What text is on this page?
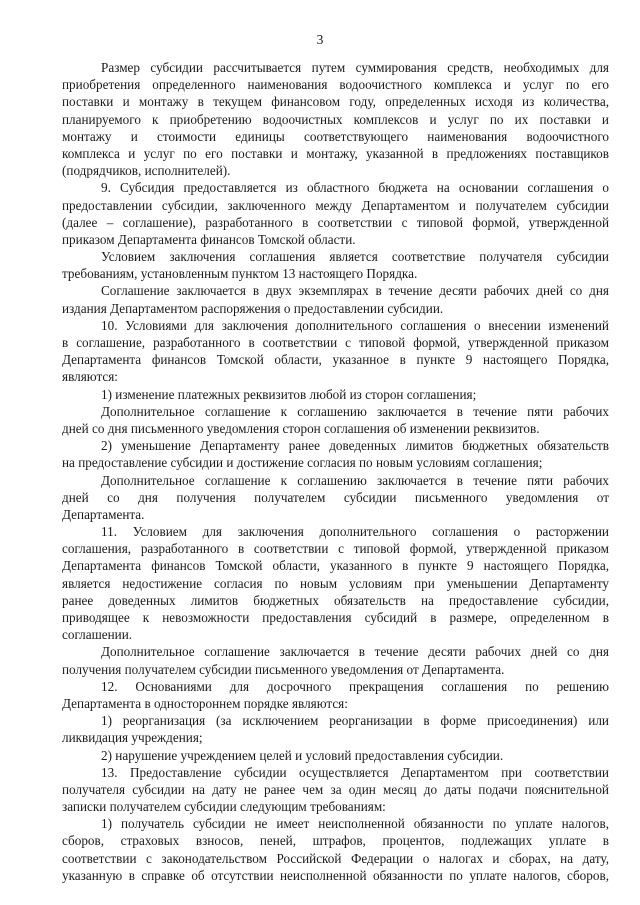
3
Размер субсидии рассчитывается путем суммирования средств, необходимых для
приобретения определенного наименования водоочистного комплекса и услуг по его
поставки и монтажу в текущем финансовом году, определенных исходя из количества,
планируемого к приобретению водоочистных комплексов и услуг по их поставки и
монтажу и стоимости единицы соответствующего наименования водоочистного
комплекса и услуг по его поставки и монтажу, указанной в предложениях поставщиков
(подрядчиков, исполнителей).
9. Субсидия предоставляется из областного бюджета на основании соглашения о
предоставлении субсидии, заключенного между Департаментом и получателем субсидии
(далее – соглашение), разработанного в соответствии с типовой формой, утвержденной
приказом Департамента финансов Томской области.
Условием заключения соглашения является соответствие получателя субсидии
требованиям, установленным пунктом 13 настоящего Порядка.
Соглашение заключается в двух экземплярах в течение десяти рабочих дней со дня
издания Департаментом распоряжения о предоставлении субсидии.
10. Условиями для заключения дополнительного соглашения о внесении изменений
в соглашение, разработанного в соответствии с типовой формой, утвержденной приказом
Департамента финансов Томской области, указанное в пункте 9 настоящего Порядка,
являются:
1) изменение платежных реквизитов любой из сторон соглашения;
Дополнительное соглашение к соглашению заключается в течение пяти рабочих
дней со дня письменного уведомления сторон соглашения об изменении реквизитов.
2) уменьшение Департаменту ранее доведенных лимитов бюджетных обязательств
на предоставление субсидии и достижение согласия по новым условиям соглашения;
Дополнительное соглашение к соглашению заключается в течение пяти рабочих
дней со дня получения получателем субсидии письменного уведомления от
Департамента.
11. Условием для заключения дополнительного соглашения о расторжении
соглашения, разработанного в соответствии с типовой формой, утвержденной приказом
Департамента финансов Томской области, указанного в пункте 9 настоящего Порядка,
является недостижение согласия по новым условиям при уменьшении Департаменту
ранее доведенных лимитов бюджетных обязательств на предоставление субсидии,
приводящее к невозможности предоставления субсидий в размере, определенном в
соглашении.
Дополнительное соглашение заключается в течение десяти рабочих дней со дня
получения получателем субсидии письменного уведомления от Департамента.
12. Основаниями для досрочного прекращения соглашения по решению
Департамента в одностороннем порядке являются:
1) реорганизация (за исключением реорганизации в форме присоединения) или
ликвидация учреждения;
2) нарушение учреждением целей и условий предоставления субсидии.
13. Предоставление субсидии осуществляется Департаментом при соответствии
получателя субсидии на дату не ранее чем за один месяц до даты подачи пояснительной
записки получателем субсидии следующим требованиям:
1) получатель субсидии не имеет неисполненной обязанности по уплате налогов,
сборов, страховых взносов, пеней, штрафов, процентов, подлежащих уплате в
соответствии с законодательством Российской Федерации о налогах и сборах, на дату,
указанную в справке об отсутствии неисполненной обязанности по уплате налогов, сборов,
